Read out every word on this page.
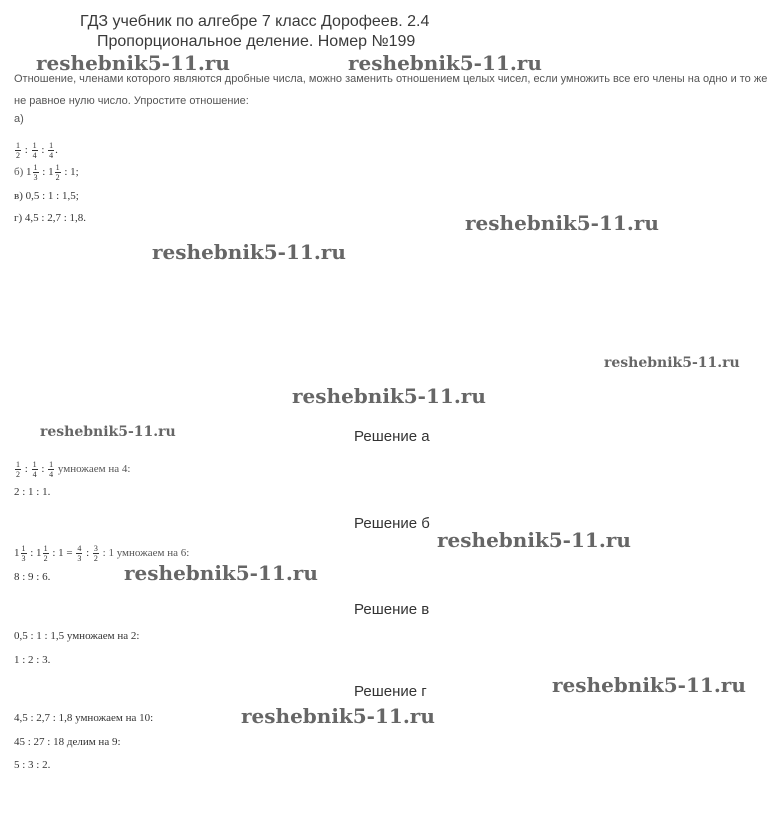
ГДЗ учебник по алгебре 7 класс Дорофеев. 2.4
Пропорциональное деление. Номер №199
Отношение, членами которого являются дробные числа, можно заменить отношением целых чисел, если умножить все его члены на одно и то же
не равное нулю число. Упростите отношение:
а)
$\frac{1}{2}$ : $\frac{1}{4}$ : $\frac{1}{4}$ .
б) $1 \frac{1}{3}$ : $1 \frac{1}{2}$ : 1;
в) 0,5 : 1 : 1,5;
г) 4,5 : 2,7 : 1,8.
Решение а
$\frac{1}{2}$ : $\frac{1}{4}$ : $\frac{1}{4}$ умножаем на 4:
2 : 1 : 1.
Решение б
$1 \frac{1}{3}$ : $1 \frac{1}{2}$ : $1 = \frac{4}{3}$ : $\frac{3}{2}$ : 1 умножаем на 6:
8 : 9 : 6.
Решение в
0,5 : 1 : 1,5 умножаем на 2:
1 : 2 : 3.
Решение г
4,5 : 2,7 : 1,8 умножаем на 10:
45 : 27 : 18 делим на 9:
5 : 3 : 2.
reshebnik5-11.ru	reshebnik5-11.ru
reshebnik5-11.ru
reshebnik5-11.ru
reshebnik5-11.ru
reshebnik5-11.ru
reshebnik5-11.ru
reshebnik5-11.ru
reshebnik5-11.ru
reshebnik5-11.ru
reshebnik5-11.ru
